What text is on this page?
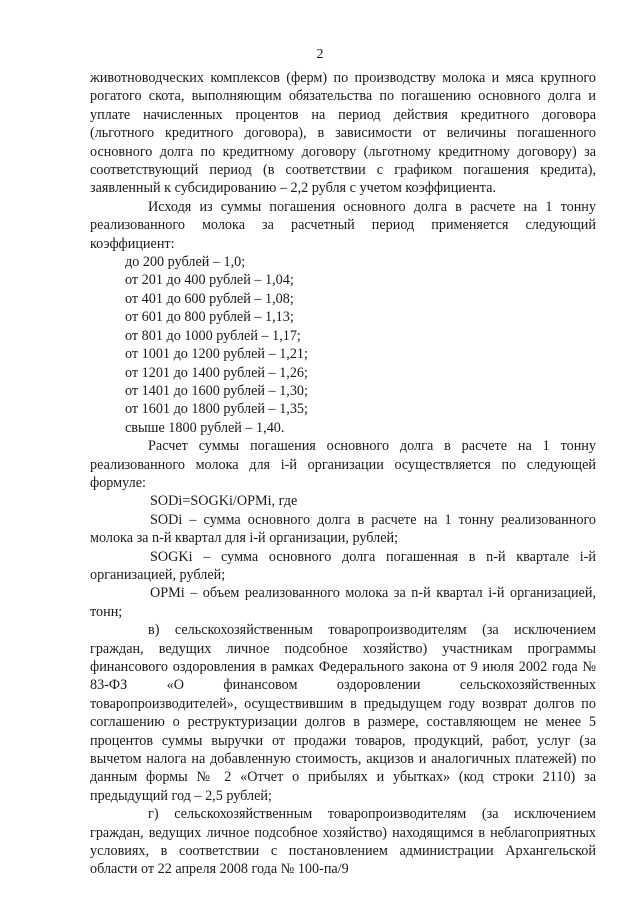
2

животноводческих комплексов (ферм) по производству молока и мяса крупного рогатого скота, выполняющим обязательства по погашению основного долга и уплате начисленных процентов на период действия кредитного договора (льготного кредитного договора), в зависимости от величины погашенного основного долга по кредитному договору (льготному кредитному договору) за соответствующий период (в соответствии с графиком погашения кредита), заявленный к субсидированию – 2,2 рубля с учетом коэффициента.

Исходя из суммы погашения основного долга в расчете на 1 тонну реализованного молока за расчетный период применяется следующий коэффициент:

до 200 рублей – 1,0;
от 201 до 400 рублей – 1,04;
от 401 до 600 рублей – 1,08;
от 601 до 800 рублей – 1,13;
от 801 до 1000 рублей – 1,17;
от 1001 до 1200 рублей – 1,21;
от 1201 до 1400 рублей – 1,26;
от 1401 до 1600 рублей – 1,30;
от 1601 до 1800 рублей – 1,35;
свыше 1800 рублей – 1,40.

Расчет суммы погашения основного долга в расчете на 1 тонну реализованного молока для i-й организации осуществляется по следующей формуле:

SODi=SOGKi/OPMi, где

SODi – сумма основного долга в расчете на 1 тонну реализованного молока за n-й квартал для i-й организации, рублей;

SOGKi – сумма основного долга погашенная в n-й квартале i-й организацией, рублей;

OPMi – объем реализованного молока за n-й квартал i-й организацией, тонн;

в) сельскохозяйственным товаропроизводителям (за исключением граждан, ведущих личное подсобное хозяйство) участникам программы финансового оздоровления в рамках Федерального закона от 9 июля 2002 года № 83-ФЗ «О финансовом оздоровлении сельскохозяйственных товаропроизводителей», осуществившим в предыдущем году возврат долгов по соглашению о реструктуризации долгов в размере, составляющем не менее 5 процентов суммы выручки от продажи товаров, продукций, работ, услуг (за вычетом налога на добавленную стоимость, акцизов и аналогичных платежей) по данным формы № 2 «Отчет о прибылях и убытках» (код строки 2110) за предыдущий год – 2,5 рублей;

г) сельскохозяйственным товаропроизводителям (за исключением граждан, ведущих личное подсобное хозяйство) находящимся в неблагоприятных условиях, в соответствии с постановлением администрации Архангельской области от 22 апреля 2008 года № 100-па/9
